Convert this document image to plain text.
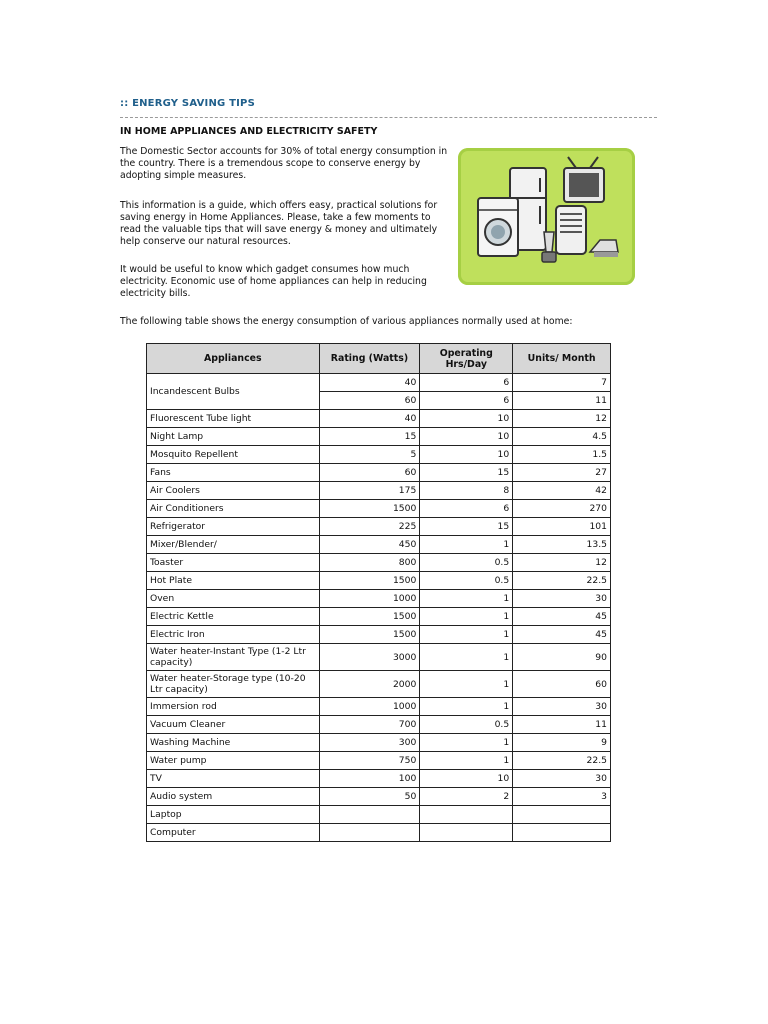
:: ENERGY SAVING TIPS
IN HOME APPLIANCES AND ELECTRICITY SAFETY
The Domestic Sector accounts for 30% of total energy consumption in the country. There is a tremendous scope to conserve energy by adopting simple measures.
This information is a guide, which offers easy, practical solutions for saving energy in Home Appliances. Please, take a few moments to read the valuable tips that will save energy & money and ultimately help conserve our natural resources.
It would be useful to know which gadget consumes how much electricity. Economic use of home appliances can help in reducing electricity bills.
The following table shows the energy consumption of various appliances normally used at home:
Appliances	Rating (Watts)	Operating Hrs/Day	Units/ Month
Incandescent Bulbs	40	6	7
	60	6	11
Fluorescent Tube light	40	10	12
Night Lamp	15	10	4.5
Mosquito Repellent	5	10	1.5
Fans	60	15	27
Air Coolers	175	8	42
Air Conditioners	1500	6	270
Refrigerator	225	15	101
Mixer/Blender/	450	1	13.5
Toaster	800	0.5	12
Hot Plate	1500	0.5	22.5
Oven	1000	1	30
Electric Kettle	1500	1	45
Electric Iron	1500	1	45
Water heater-Instant Type (1-2 Ltr capacity)	3000	1	90
Water heater-Storage type (10-20 Ltr capacity)	2000	1	60
Immersion rod	1000	1	30
Vacuum Cleaner	700	0.5	11
Washing Machine	300	1	9
Water pump	750	1	22.5
TV	100	10	30
Audio system	50	2	3
Laptop			
Computer			
